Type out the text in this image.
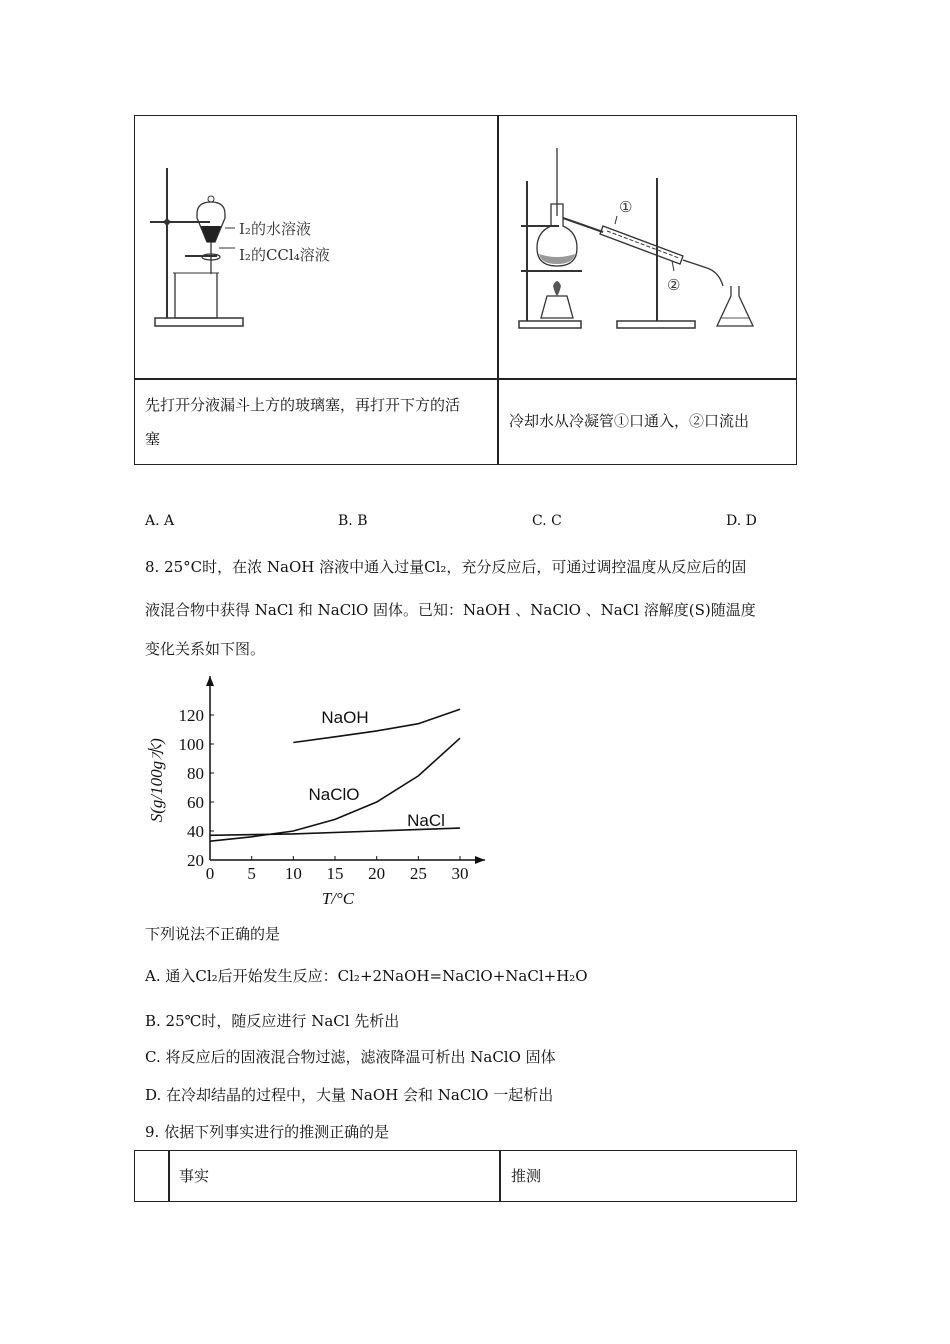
I₂的水溶液
I₂的CCl₄溶液
①
②
先打开分液漏斗上方的玻璃塞，再打开下方的活
塞
冷却水从冷凝管①口通入，②口流出
A. A	B. B	C. C	D. D
8. 25°C时，在浓 NaOH 溶液中通入过量Cl₂，充分反应后，可通过调控温度从反应后的固
液混合物中获得 NaCl 和 NaClO 固体。已知：NaOH 、NaClO 、NaCl 溶解度(S)随温度
变化关系如下图。
0 5 10 15 20 25 30
20
40
60
80
100
120
T/°C
S(g/100g水)
NaOH
NaClO
NaCl
下列说法不正确的是
A. 通入Cl₂后开始发生反应：Cl₂+2NaOH=NaClO+NaCl+H₂O
B. 25℃时，随反应进行 NaCl 先析出
C. 将反应后的固液混合物过滤，滤液降温可析出 NaClO 固体
D. 在冷却结晶的过程中，大量 NaOH 会和 NaClO 一起析出
9. 依据下列事实进行的推测正确的是
事实	推测
